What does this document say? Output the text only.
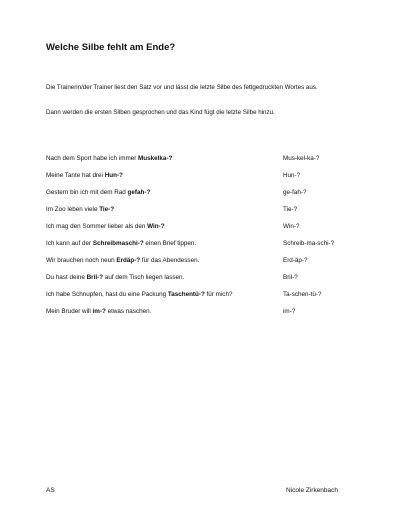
Welche Silbe fehlt am Ende?

Die Trainerin/der Trainer liest den Satz vor und lässt die letzte Silbe des fettgedruckten Wortes aus.

Dann werden die ersten Silben gesprochen und das Kind fügt die letzte Silbe hinzu.

Nach dem Sport habe ich immer Muskelka-?	Mus-kel-ka-?
Meine Tante hat drei Hun-?	Hun-?
Gestern bin ich mit dem Rad gefah-?	ge-fah-?
Im Zoo leben viele Tie-?	Tie-?
Ich mag den Sommer lieber als den Win-?	Win-?
Ich kann auf der Schreibmaschi-? einen Brief tippen.	Schreib-ma-schi-?
Wir brauchen noch neun Erdäp-? für das Abendessen.	Erd-äp-?
Du hast deine Bril-? auf dem Tisch liegen lassen.	Bril-?
Ich habe Schnupfen, hast du eine Packung Taschentü-? für mich?	Ta-schen-tü-?
Mein Bruder will im-? etwas naschen.	im-?
AS	Nicole Zirkenbach
